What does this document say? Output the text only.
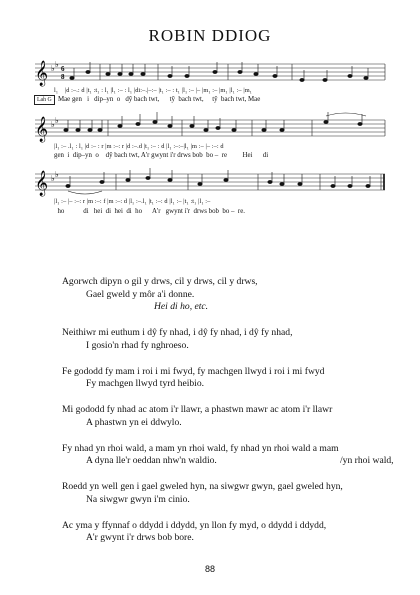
ROBIN DDIOG
𝄞 ♭ ♭ 6
8
𝄞 ♭ ♭
𝄞 ♭ ♭
Lah G
l₁    |d :–.: d |t₁ :t₁ : l₁ |l₁ :– : l₁ |di:–.|–:– |t₁ :– : t₁ |l₁ :– |– |m₁ :– |m₁ |l₁ :– |m₁
Mae gen   i   dip–yn  o   dŷ bach twt,      tŷ  bach twt,     tŷ  bach twt, Mae
|l₁ :– .l₁ : l₁ |d :– : r |m :–: r |d :–.d |t₁ :– : d |l₁ :–:–|l₁ |m :– |– :–: d
gen  i  dip–yn  o    dŷ bach twt, A'r gwynt i'r drws bob  bo –  re         Hei      di
|l₁ :– |– :–: r |m :–: f |m :–: d |l₁ :–.l₁ |t₁ :–: d |l₁ :– |t₁ :t₁ |l₁ :–
ho           di   hei  di  hei  di  ho      A'r   gwynt i'r  drws bob  bo –  re.
Agorwch dipyn o gil y drws, cil y drws, cil y drws,
Gael gweld y môr a'i donne.
Hei di ho, etc.
Neithiwr mi euthum i dŷ fy nhad, i dŷ fy nhad, i dŷ fy nhad,
I gosio'n rhad fy nghroeso.
Fe gododd fy mam i roi i mi fwyd, fy machgen llwyd i roi i mi fwyd
Fy machgen llwyd tyrd heibio.
Mi gododd fy nhad ac atom i'r llawr, a phastwn mawr ac atom i'r llawr
A phastwn yn ei ddwylo.
Fy nhad yn rhoi wald, a mam yn rhoi wald, fy nhad yn rhoi wald a mam
A dyna lle'r oeddan nhw'n waldio.	/yn rhoi wald,
Roedd yn well gen i gael gweled hyn, na siwgwr gwyn, gael gweled hyn,
Na siwgwr gwyn i'm cinio.
Ac yma y ffynnaf o ddydd i ddydd, yn llon fy myd, o ddydd i ddydd,
A'r gwynt i'r drws bob bore.
88
